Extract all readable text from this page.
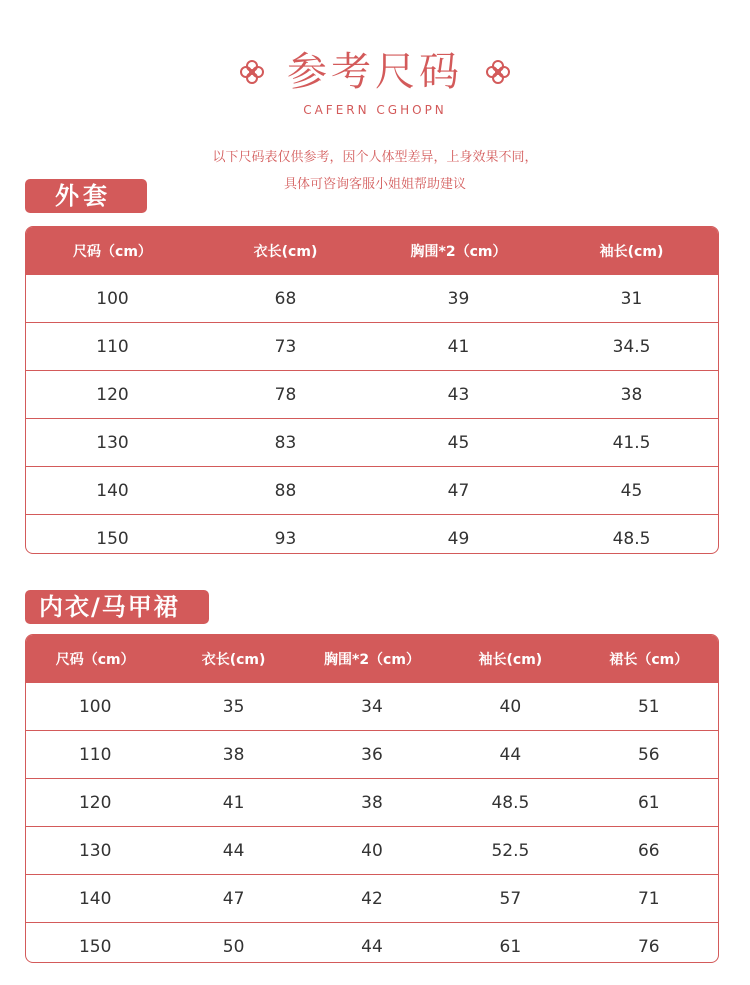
参考尺码
CAFERN CGHOPN
以下尺码表仅供参考，因个人体型差异，上身效果不同，
具体可咨询客服小姐姐帮助建议
外套
尺码（cm）	衣长(cm)	胸围*2（cm）	袖长(cm)
100	68	39	31
110	73	41	34.5
120	78	43	38
130	83	45	41.5
140	88	47	45
150	93	49	48.5
内衣/马甲裙
尺码（cm）	衣长(cm)	胸围*2（cm）	袖长(cm)	裙长（cm）
100	35	34	40	51
110	38	36	44	56
120	41	38	48.5	61
130	44	40	52.5	66
140	47	42	57	71
150	50	44	61	76
